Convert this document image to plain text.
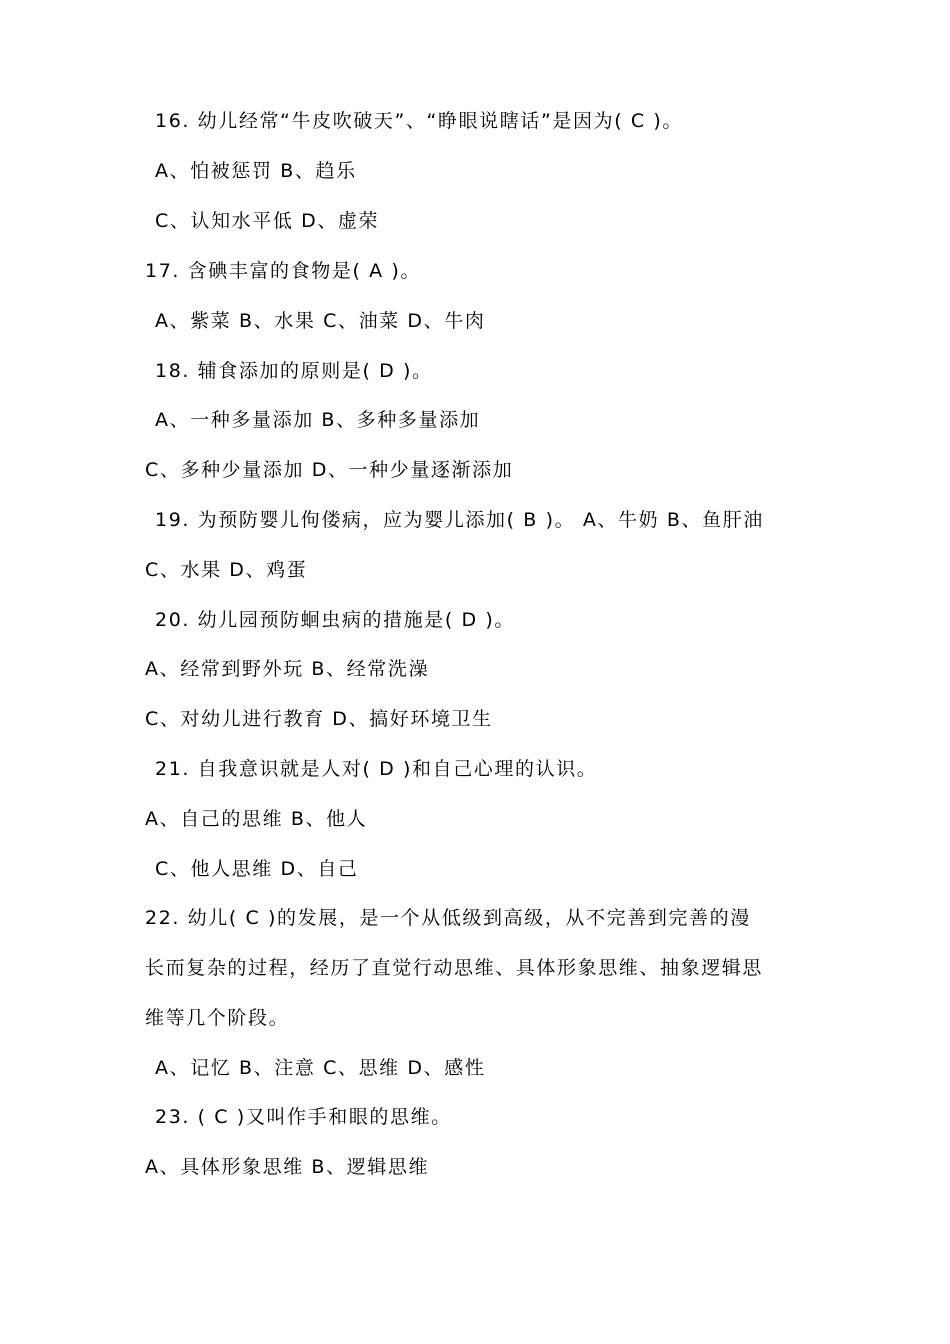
16. 幼儿经常“牛皮吹破天”、“睁眼说瞎话”是因为( C )。
A、怕被惩罚 B、趋乐
C、认知水平低 D、虚荣
17. 含碘丰富的食物是( A )。
A、紫菜 B、水果 C、油菜 D、牛肉
18. 辅食添加的原则是( D )。
A、一种多量添加 B、多种多量添加
C、多种少量添加 D、一种少量逐渐添加
19. 为预防婴儿佝偻病，应为婴儿添加( B )。 A、牛奶 B、鱼肝油
C、水果 D、鸡蛋
20. 幼儿园预防蛔虫病的措施是( D )。
A、经常到野外玩 B、经常洗澡
C、对幼儿进行教育 D、搞好环境卫生
21. 自我意识就是人对( D )和自己心理的认识。
A、自己的思维 B、他人
C、他人思维 D、自己
22. 幼儿( C )的发展，是一个从低级到高级，从不完善到完善的漫
长而复杂的过程，经历了直觉行动思维、具体形象思维、抽象逻辑思
维等几个阶段。
A、记忆 B、注意 C、思维 D、感性
23. ( C )又叫作手和眼的思维。
A、具体形象思维 B、逻辑思维
